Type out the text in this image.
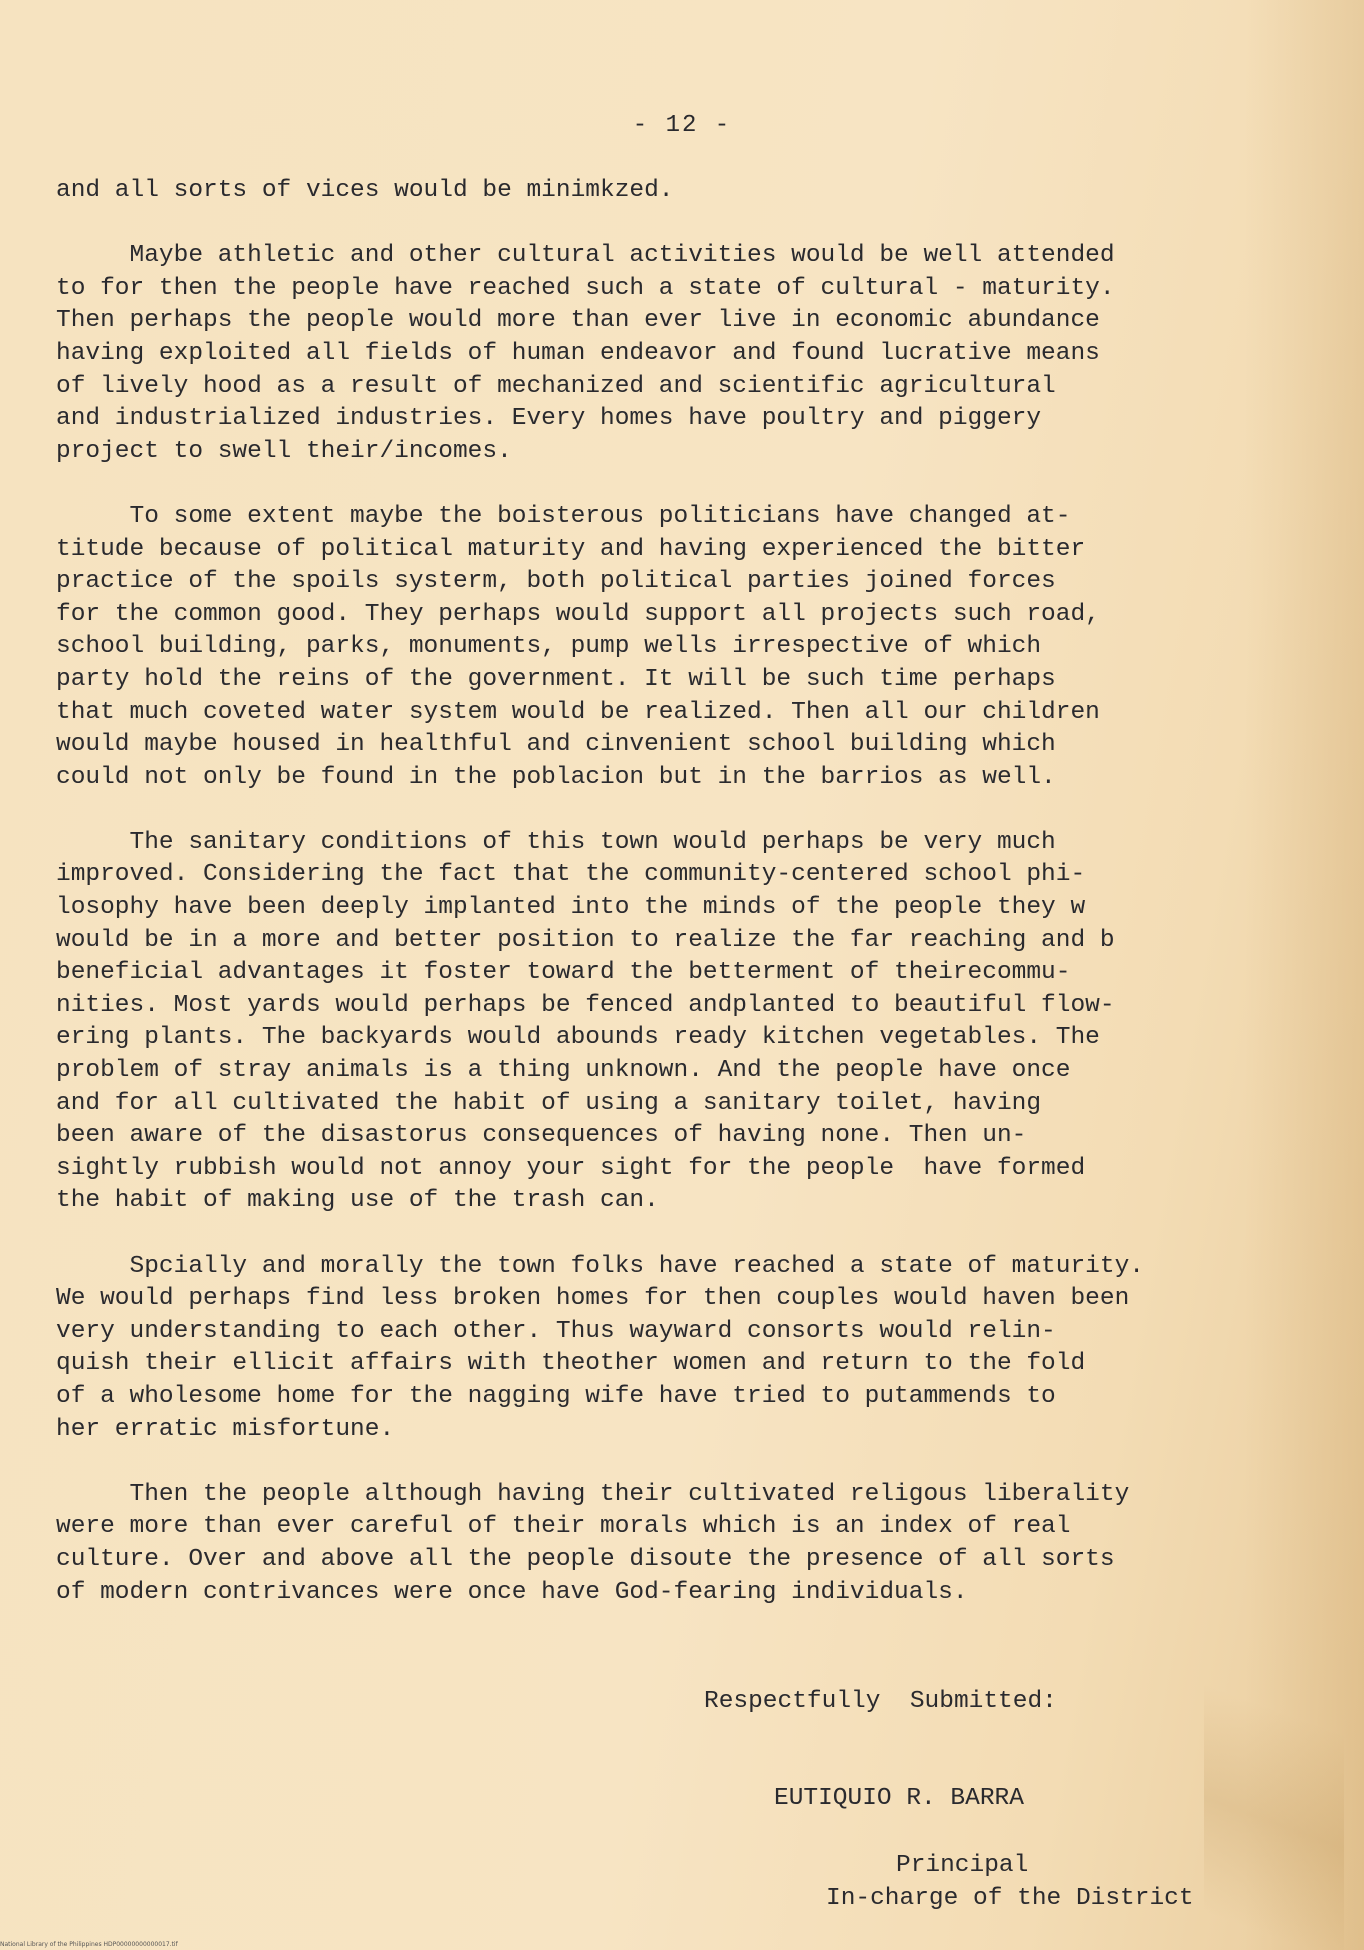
- 12 -
and all sorts of vices would be minimkzed.
Maybe athletic and other cultural activities would be well attended
to for then the people have reached such a state of cultural - maturity.
Then perhaps the people would more than ever live in economic abundance
having exploited all fields of human endeavor and found lucrative means
of lively hood as a result of mechanized and scientific agricultural
and industrialized industries. Every homes have poultry and piggery
project to swell their/incomes.
To some extent maybe the boisterous politicians have changed at-
titude because of political maturity and having experienced the bitter
practice of the spoils systerm, both political parties joined forces
for the common good. They perhaps would support all projects such road,
school building, parks, monuments, pump wells irrespective of which
party hold the reins of the government. It will be such time perhaps
that much coveted water system would be realized. Then all our children
would maybe housed in healthful and cinvenient school building which
could not only be found in the poblacion but in the barrios as well.
The sanitary conditions of this town would perhaps be very much
improved. Considering the fact that the community-centered school phi-
losophy have been deeply implanted into the minds of the people they w
would be in a more and better position to realize the far reaching and b
beneficial advantages it foster toward the betterment of theirecommu-
nities. Most yards would perhaps be fenced andplanted to beautiful flow-
ering plants. The backyards would abounds ready kitchen vegetables. The
problem of stray animals is a thing unknown. And the people have once
and for all cultivated the habit of using a sanitary toilet, having
been aware of the disastorus consequences of having none. Then un-
sightly rubbish would not annoy your sight for the people  have formed
the habit of making use of the trash can.
Spcially and morally the town folks have reached a state of maturity.
We would perhaps find less broken homes for then couples would haven been
very understanding to each other. Thus wayward consorts would relin-
quish their ellicit affairs with theother women and return to the fold
of a wholesome home for the nagging wife have tried to putammends to
her erratic misfortune.
Then the people although having their cultivated religous liberality
were more than ever careful of their morals which is an index of real
culture. Over and above all the people disoute the presence of all sorts
of modern contrivances were once have God-fearing individuals.
Respectfully  Submitted:
EUTIQUIO R. BARRA
Principal
In-charge of the District
National Library of the Philippines HDP00000000000017.tif
